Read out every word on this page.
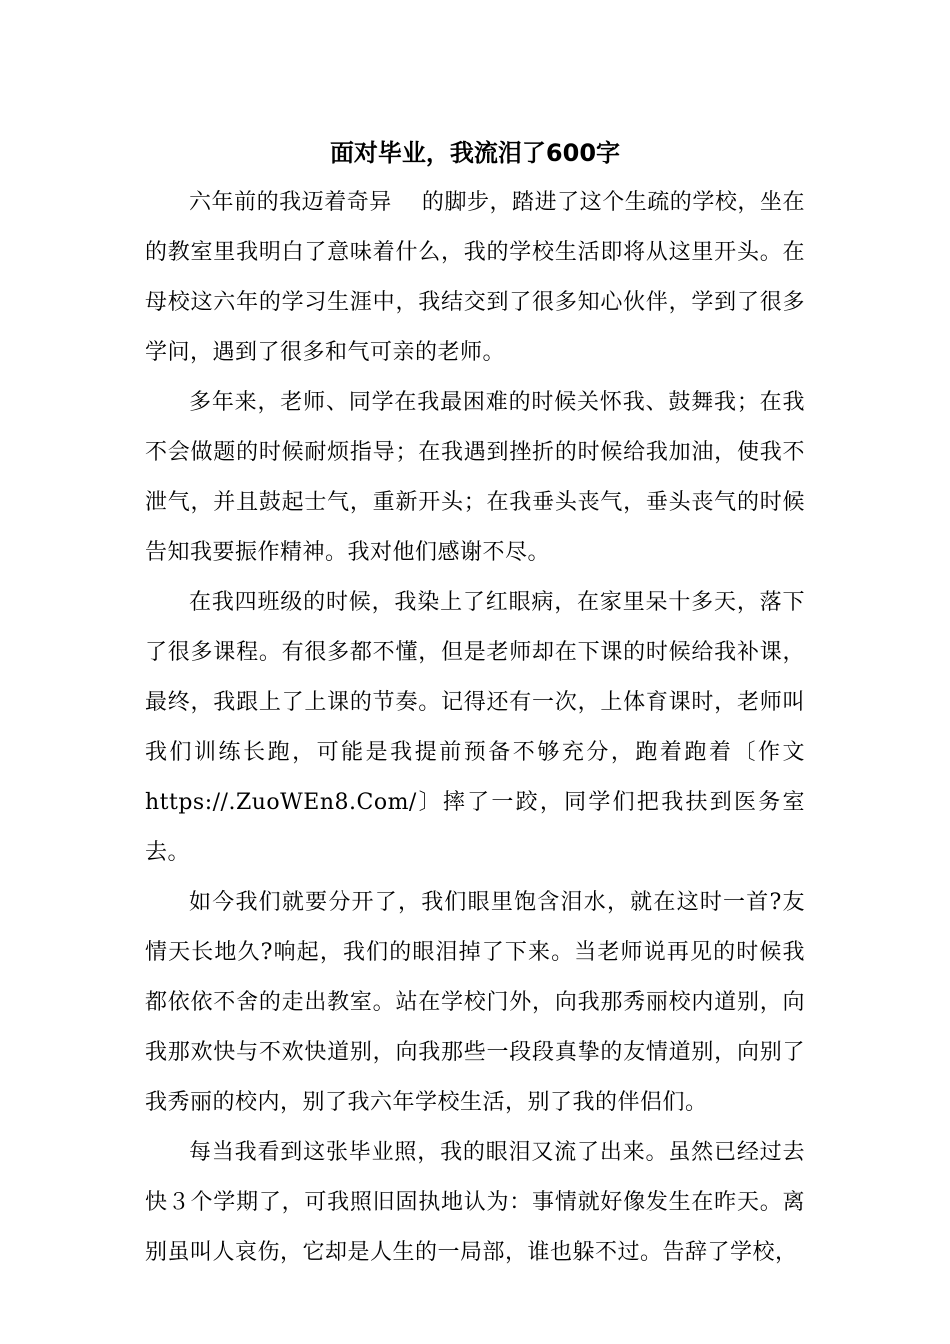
面对毕业，我流泪了600字

六年前的我迈着奇异　 的脚步，踏进了这个生疏的学校，坐在的教室里我明白了意味着什么，我的学校生活即将从这里开头。在母校这六年的学习生涯中，我结交到了很多知心伙伴，学到了很多学问，遇到了很多和气可亲的老师。

多年来，老师、同学在我最困难的时候关怀我、鼓舞我；在我不会做题的时候耐烦指导；在我遇到挫折的时候给我加油，使我不泄气，并且鼓起士气，重新开头；在我垂头丧气，垂头丧气的时候告知我要振作精神。我对他们感谢不尽。

在我四班级的时候，我染上了红眼病，在家里呆十多天，落下了很多课程。有很多都不懂，但是老师却在下课的时候给我补课，最终，我跟上了上课的节奏。记得还有一次，上体育课时，老师叫我们训练长跑，可能是我提前预备不够充分，跑着跑着〔作文https://.ZuoWEn8.Com/〕摔了一跤，同学们把我扶到医务室去。

如今我们就要分开了，我们眼里饱含泪水，就在这时一首?友情天长地久?响起，我们的眼泪掉了下来。当老师说再见的时候我都依依不舍的走出教室。站在学校门外，向我那秀丽校内道别，向我那欢快与不欢快道别，向我那些一段段真挚的友情道别，向别了我秀丽的校内，别了我六年学校生活，别了我的伴侣们。

每当我看到这张毕业照，我的眼泪又流了出来。虽然已经过去快３个学期了，可我照旧固执地认为：事情就好像发生在昨天。离别虽叫人哀伤，它却是人生的一局部，谁也躲不过。告辞了学校，
